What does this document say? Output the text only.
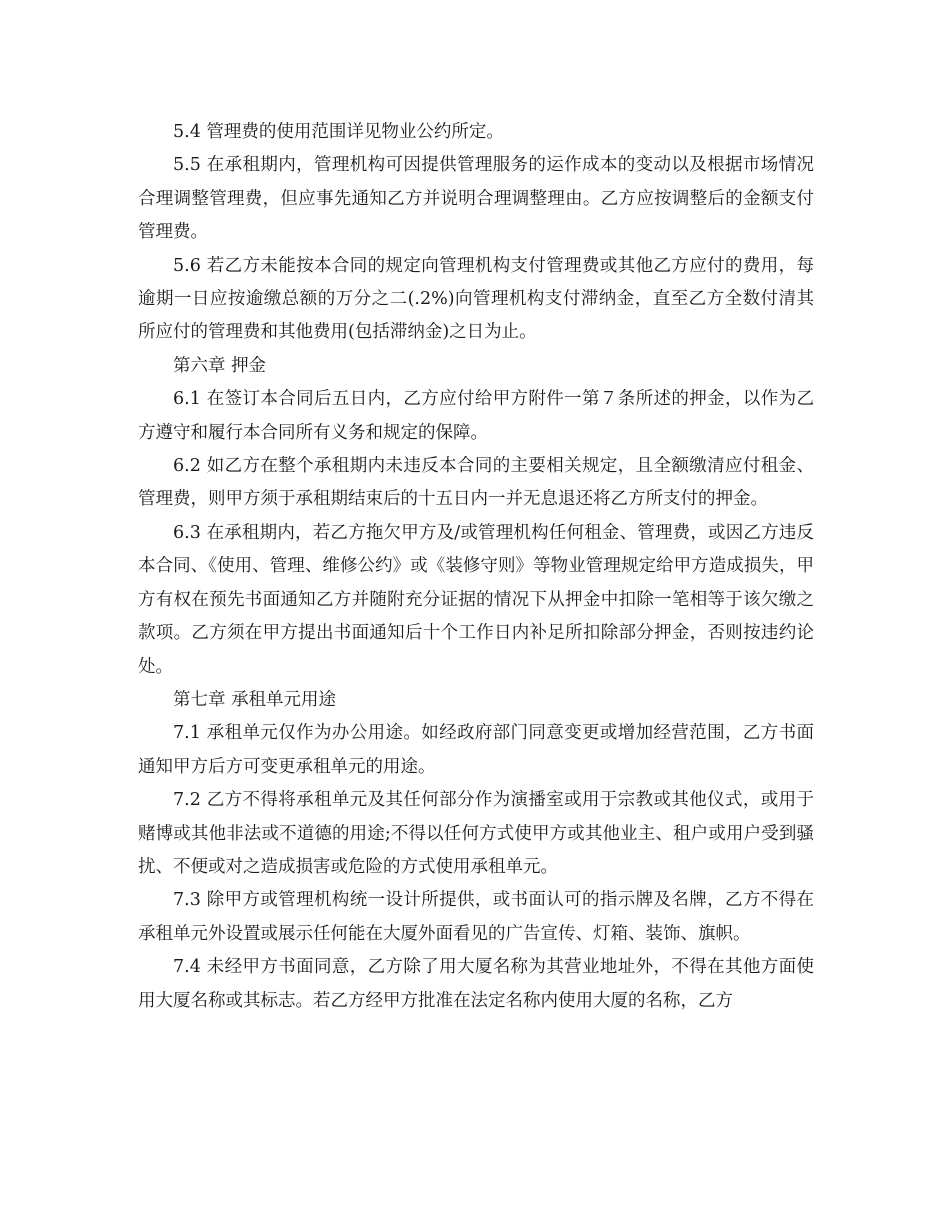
5.4 管理费的使用范围详见物业公约所定。

5.5 在承租期内，管理机构可因提供管理服务的运作成本的变动以及根据市场情况合理调整管理费，但应事先通知乙方并说明合理调整理由。乙方应按调整后的金额支付管理费。

5.6 若乙方未能按本合同的规定向管理机构支付管理费或其他乙方应付的费用，每逾期一日应按逾缴总额的万分之二(.2%)向管理机构支付滞纳金，直至乙方全数付清其所应付的管理费和其他费用(包括滞纳金)之日为止。

第六章 押金

6.1 在签订本合同后五日内，乙方应付给甲方附件一第７条所述的押金，以作为乙方遵守和履行本合同所有义务和规定的保障。

6.2 如乙方在整个承租期内未违反本合同的主要相关规定，且全额缴清应付租金、管理费，则甲方须于承租期结束后的十五日内一并无息退还将乙方所支付的押金。

6.3 在承租期内，若乙方拖欠甲方及/或管理机构任何租金、管理费，或因乙方违反本合同、《使用、管理、维修公约》或《装修守则》等物业管理规定给甲方造成损失，甲方有权在预先书面通知乙方并随附充分证据的情况下从押金中扣除一笔相等于该欠缴之款项。乙方须在甲方提出书面通知后十个工作日内补足所扣除部分押金，否则按违约论处。

第七章 承租单元用途

7.1 承租单元仅作为办公用途。如经政府部门同意变更或增加经营范围，乙方书面通知甲方后方可变更承租单元的用途。

7.2 乙方不得将承租单元及其任何部分作为演播室或用于宗教或其他仪式，或用于赌博或其他非法或不道德的用途;不得以任何方式使甲方或其他业主、租户或用户受到骚扰、不便或对之造成损害或危险的方式使用承租单元。

7.3 除甲方或管理机构统一设计所提供，或书面认可的指示牌及名牌，乙方不得在承租单元外设置或展示任何能在大厦外面看见的广告宣传、灯箱、装饰、旗帜。

7.4 未经甲方书面同意，乙方除了用大厦名称为其营业地址外，不得在其他方面使用大厦名称或其标志。若乙方经甲方批准在法定名称内使用大厦的名称，乙方
